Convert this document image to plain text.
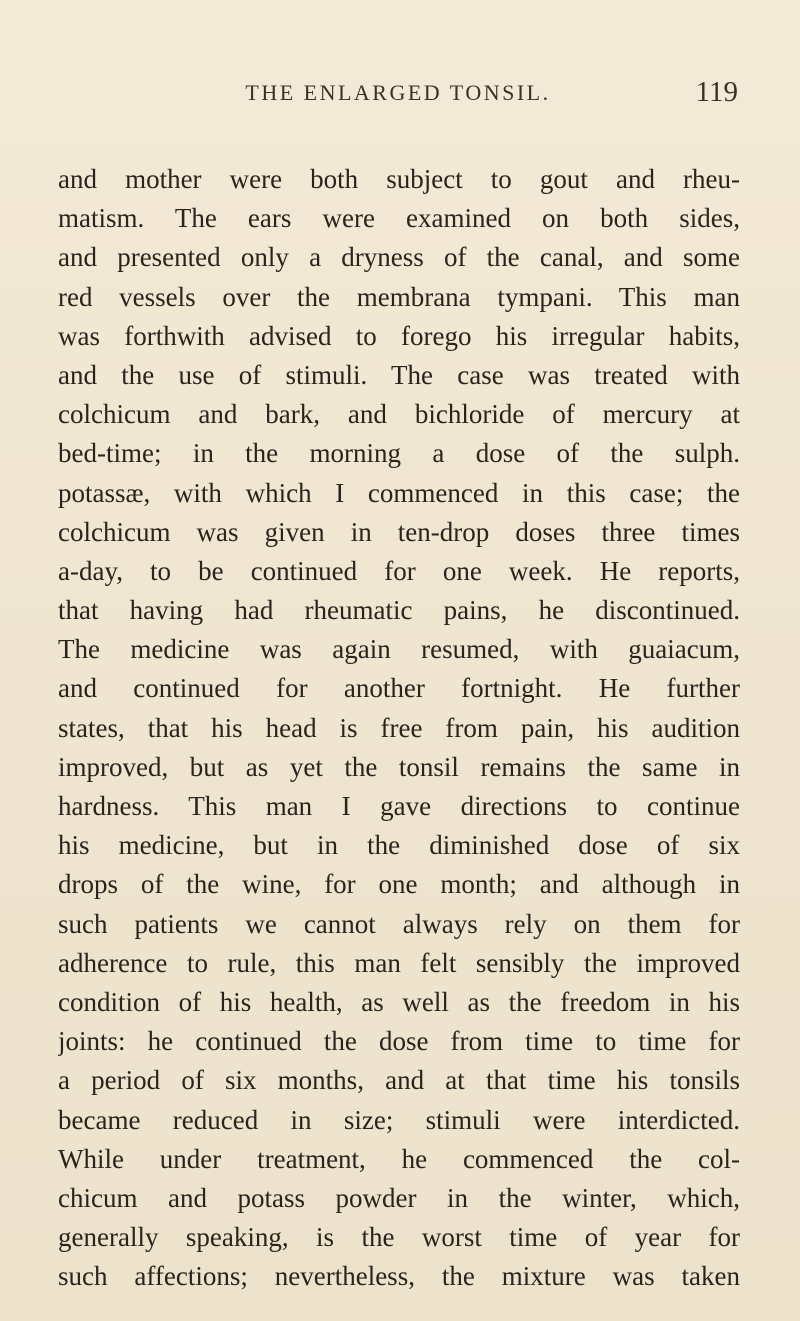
THE ENLARGED TONSIL.	119
and mother were both subject to gout and rheu-
matism. The ears were examined on both sides,
and presented only a dryness of the canal, and some
red vessels over the membrana tympani. This man
was forthwith advised to forego his irregular habits,
and the use of stimuli. The case was treated with
colchicum and bark, and bichloride of mercury at
bed-time; in the morning a dose of the sulph.
potassæ, with which I commenced in this case; the
colchicum was given in ten-drop doses three times
a-day, to be continued for one week. He reports,
that having had rheumatic pains, he discontinued.
The medicine was again resumed, with guaiacum,
and continued for another fortnight. He further
states, that his head is free from pain, his audition
improved, but as yet the tonsil remains the same in
hardness. This man I gave directions to continue
his medicine, but in the diminished dose of six
drops of the wine, for one month; and although in
such patients we cannot always rely on them for
adherence to rule, this man felt sensibly the improved
condition of his health, as well as the freedom in his
joints: he continued the dose from time to time for
a period of six months, and at that time his tonsils
became reduced in size; stimuli were interdicted.
While under treatment, he commenced the col-
chicum and potass powder in the winter, which,
generally speaking, is the worst time of year for
such affections; nevertheless, the mixture was taken
